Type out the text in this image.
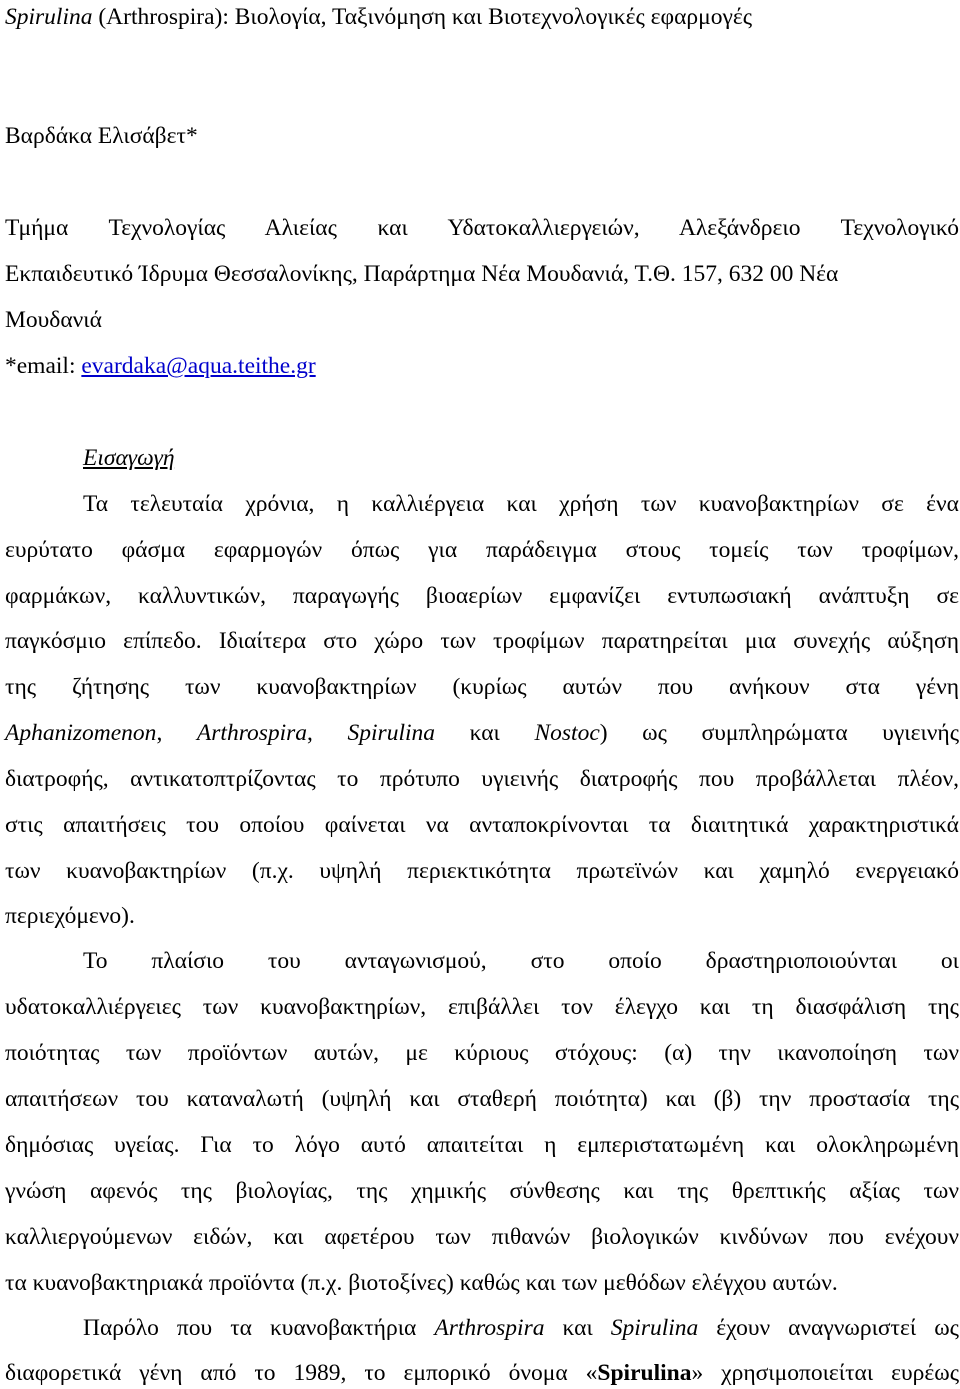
Spirulina (Arthrospira): Βιολογία, Ταξινόμηση και Βιοτεχνολογικές εφαρμογές
Βαρδάκα Ελισάβετ*
Τμήμα Τεχνολογίας Αλιείας και Υδατοκαλλιεργειών, Αλεξάνδρειο Τεχνολογικό
Εκπαιδευτικό Ίδρυμα Θεσσαλονίκης, Παράρτημα Νέα Μουδανιά, Τ.Θ. 157, 632 00 Νέα
Μουδανιά
*email: evardaka@aqua.teithe.gr
Εισαγωγή
Τα τελευταία χρόνια, η καλλιέργεια και χρήση των κυανοβακτηρίων σε ένα
ευρύτατο φάσμα εφαρμογών όπως για παράδειγμα στους τομείς των τροφίμων,
φαρμάκων, καλλυντικών, παραγωγής βιοαερίων εμφανίζει εντυπωσιακή ανάπτυξη σε
παγκόσμιο επίπεδο. Ιδιαίτερα στο χώρο των τροφίμων παρατηρείται μια συνεχής αύξηση
της ζήτησης των κυανοβακτηρίων (κυρίως αυτών που ανήκουν στα γένη
Aphanizomenon, Arthrospira, Spirulina και Nostoc) ως συμπληρώματα υγιεινής
διατροφής, αντικατοπτρίζοντας το πρότυπο υγιεινής διατροφής που προβάλλεται πλέον,
στις απαιτήσεις του οποίου φαίνεται να ανταποκρίνονται τα διαιτητικά χαρακτηριστικά
των κυανοβακτηρίων (π.χ. υψηλή περιεκτικότητα πρωτεϊνών και χαμηλό ενεργειακό
περιεχόμενο).
Το πλαίσιο του ανταγωνισμού, στο οποίο δραστηριοποιούνται οι
υδατοκαλλιέργειες των κυανοβακτηρίων, επιβάλλει τον έλεγχο και τη διασφάλιση της
ποιότητας των προϊόντων αυτών, με κύριους στόχους: (α) την ικανοποίηση των
απαιτήσεων του καταναλωτή (υψηλή και σταθερή ποιότητα) και (β) την προστασία της
δημόσιας υγείας. Για το λόγο αυτό απαιτείται η εμπεριστατωμένη και ολοκληρωμένη
γνώση αφενός της βιολογίας, της χημικής σύνθεσης και της θρεπτικής αξίας των
καλλιεργούμενων ειδών, και αφετέρου των πιθανών βιολογικών κινδύνων που ενέχουν
τα κυανοβακτηριακά προϊόντα (π.χ. βιοτοξίνες) καθώς και των μεθόδων ελέγχου αυτών.
Παρόλο που τα κυανοβακτήρια Arthrospira και Spirulina έχουν αναγνωριστεί ως
διαφορετικά γένη από το 1989, το εμπορικό όνομα «Spirulina» χρησιμοποιείται ευρέως
